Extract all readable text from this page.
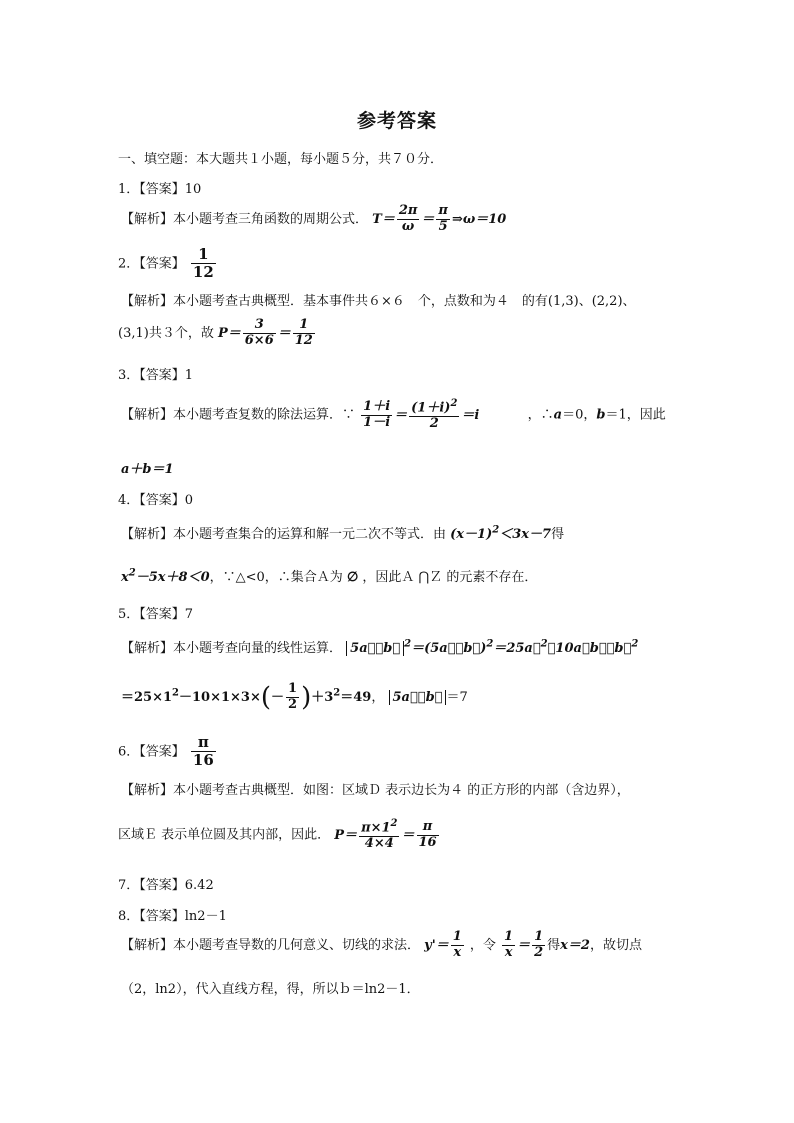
参考答案
一、填空题：本大题共１小题，每小题５分，共７０分．
1．【答案】10
【解析】本小题考查三角函数的周期公式． $T= \frac{2\pi}{\omega} = \frac{\pi}{5}$ ⇒ω＝10
2．【答案】 $\frac{1}{12}$
【解析】本小题考查古典概型．基本事件共６×６　个，点数和为４　的有(1,3)、(2,2)、
(3,1)共３个，故 $P= \frac{3}{6\times 6} = \frac{1}{12}$
3．【答案】1
【解析】本小题考查复数的除法运算．∵ $\frac{1+i}{1-i} = \frac{(1+i)^2}{2} =i$	，∴a＝0，b＝1，因此
a＋b＝1
4．【答案】0
【解析】本小题考查集合的运算和解一元二次不等式．由 $(x-1)^2<3x-7$得
$x^2-5x+8<0$，∵△<0，∴集合Ａ为 ∅ ，因此Ａ ⋂Ｚ 的元素不存在．
5．【答案】7
【解析】本小题考查向量的线性运算． 5a⃗－b⃗ $^2$＝(5a⃗－b⃗)$^2$＝25a⃗$^2$－10a⃗b⃗＋b⃗$^2$
$=25\times 1^2-10\times 1\times 3\times(- \frac{1}{2} )+3^2=49$， 5a⃗－b⃗ ＝7
6．【答案】 $\frac{\pi}{16}$
【解析】本小题考查古典概型．如图：区域Ｄ 表示边长为４ 的正方形的内部（含边界），
区域Ｅ 表示单位圆及其内部，因此． $P= \frac{\pi\times 1^2}{4\times 4} = \frac{\pi}{16}$
7．【答案】6.42
8．【答案】ln2－1
【解析】本小题考查导数的几何意义、切线的求法． $y'= \frac{1}{x}$ ，令 $\frac{1}{x} = \frac{1}{2}$ 得x＝2，故切点
（2，ln2），代入直线方程，得，所以ｂ＝ln2－1．
